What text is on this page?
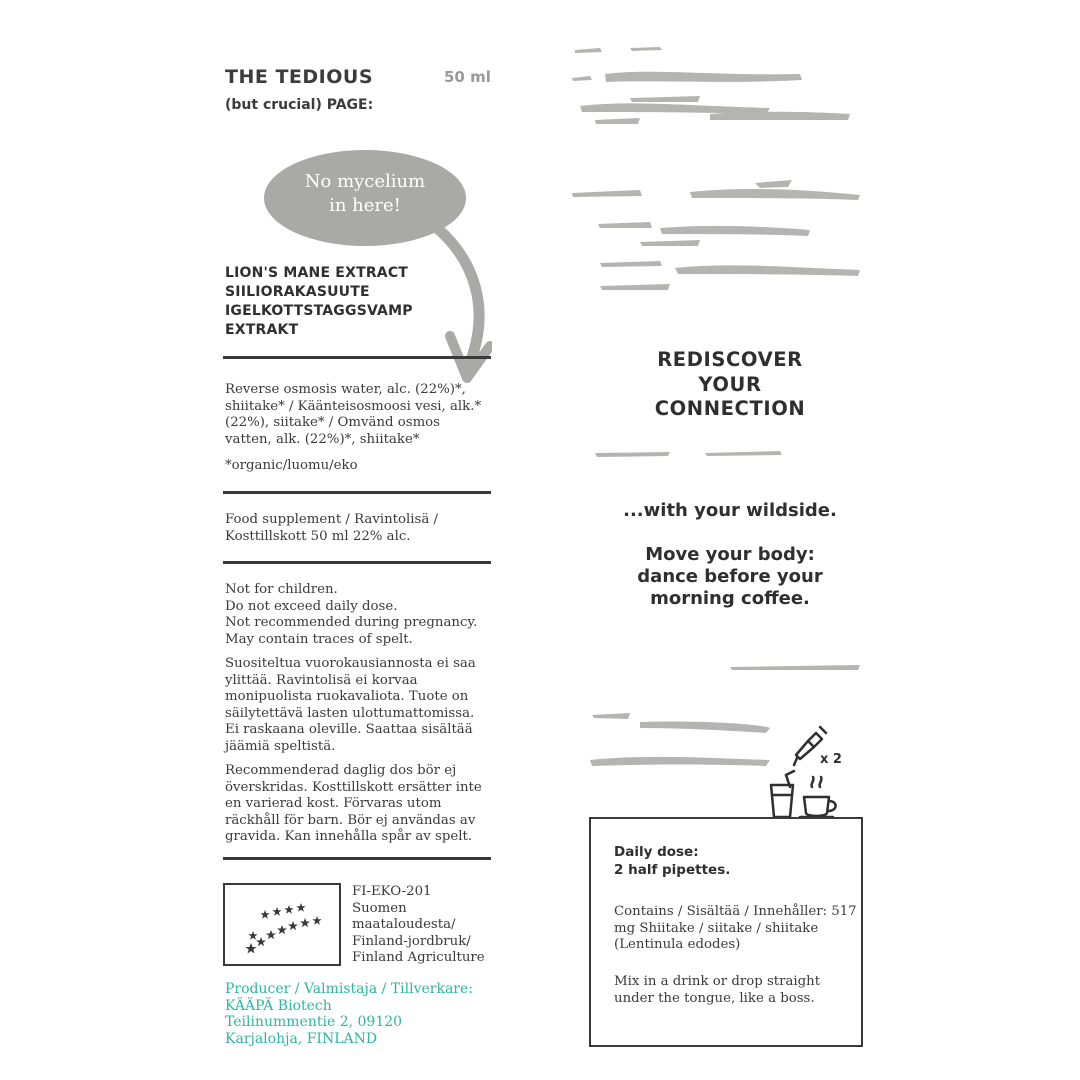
THE TEDIOUS	50 ml
(but crucial) PAGE:
No mycelium
in here!
LION'S MANE EXTRACT
SIILIORAKASUUTE
IGELKOTTSTAGGSVAMP
EXTRAKT

Reverse osmosis water, alc. (22%)*, shiitake* / Käänteisosmoosi vesi, alk.* (22%), siitake* / Omvänd osmos vatten, alk. (22%)*, shiitake*

*organic/luomu/eko

Food supplement / Ravintolisä / Kosttillskott 50 ml 22% alc.

Not for children.
Do not exceed daily dose.
Not recommended during pregnancy.
May contain traces of spelt.

Suositeltua vuorokausiannosta ei saa ylittää. Ravintolisä ei korvaa monipuolista ruokavaliota. Tuote on säilytettävä lasten ulottumattomissa. Ei raskaana oleville. Saattaa sisältää jäämiä speltistä.

Recommenderad daglig dos bör ej överskridas. Kosttillskott ersätter inte en varierad kost. Förvaras utom räckhåll för barn. Bör ej användas av gravida. Kan innehålla spår av spelt.

FI-EKO-201
Suomen
maataloudesta/
Finland-jordbruk/
Finland Agriculture
Producer / Valmistaja / Tillverkare:
KÄÄPÄ Biotech
Teilinummentie 2, 09120
Karjalohja, FINLAND
REDISCOVER
YOUR
CONNECTION
...with your wildside.
Move your body:
dance before your
morning coffee.
x 2
Daily dose:
2 half pipettes.
Contains / Sisältää / Innehåller: 517 mg Shiitake / siitake / shiitake (Lentinula edodes)
Mix in a drink or drop straight under the tongue, like a boss.
